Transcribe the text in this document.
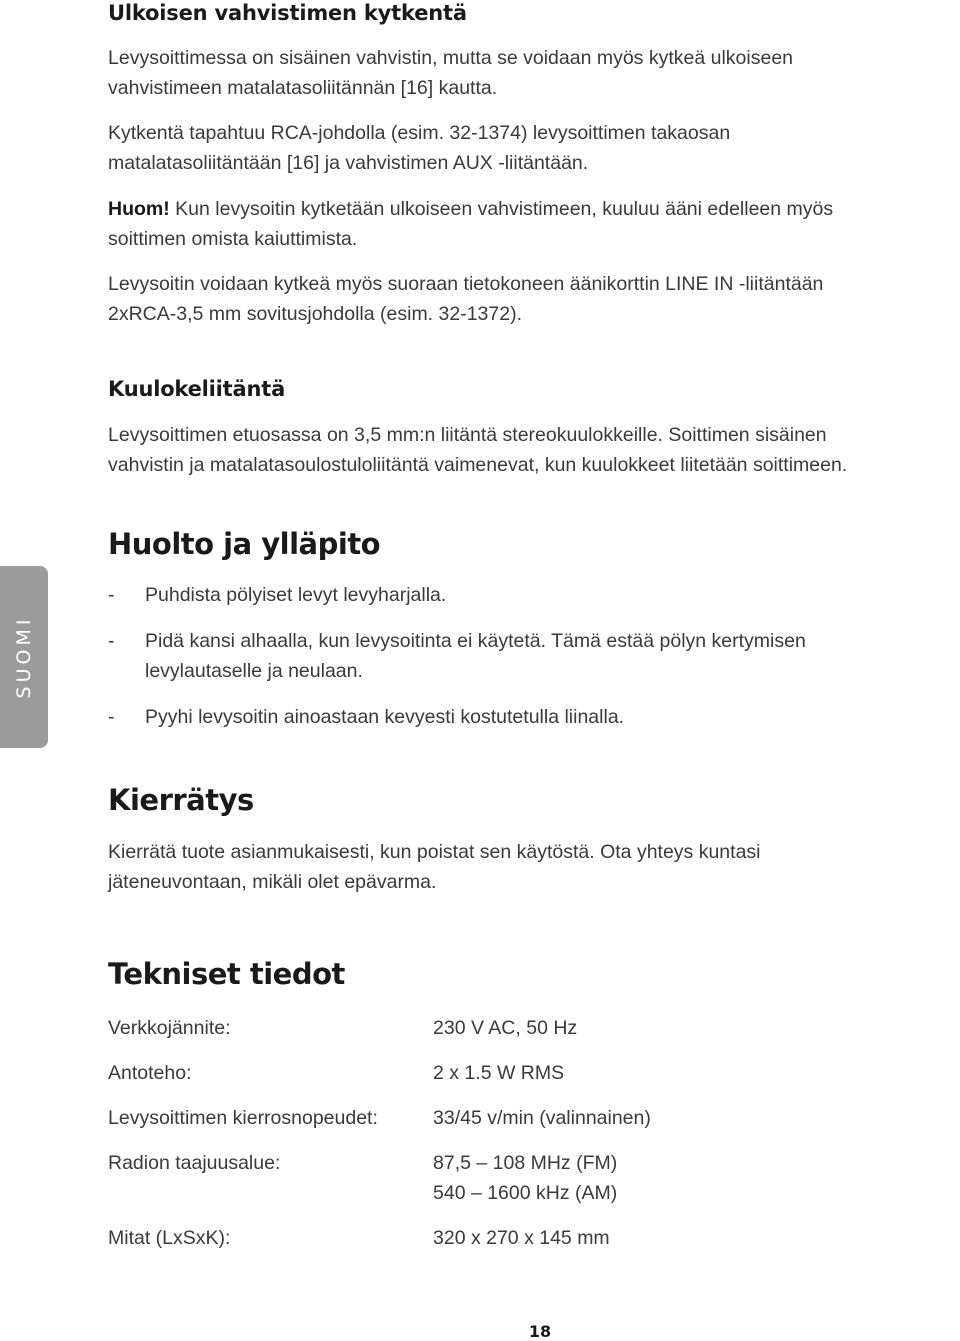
SUOMI
Ulkoisen vahvistimen kytkentä

Levysoittimessa on sisäinen vahvistin, mutta se voidaan myös kytkeä ulkoiseen

vahvistimeen matalatasoliitännän [16] kautta.

Kytkentä tapahtuu RCA-johdolla (esim. 32-1374) levysoittimen takaosan

matalatasoliitäntään [16] ja vahvistimen AUX -liitäntään.

Huom! Kun levysoitin kytketään ulkoiseen vahvistimeen, kuuluu ääni edelleen myös

soittimen omista kaiuttimista.

Levysoitin voidaan kytkeä myös suoraan tietokoneen äänikorttin LINE IN -liitäntään

2xRCA-3,5 mm sovitusjohdolla (esim. 32-1372).

Kuulokeliitäntä

Levysoittimen etuosassa on 3,5 mm:n liitäntä stereokuulokkeille. Soittimen sisäinen

vahvistin ja matalatasoulostuloliitäntä vaimenevat, kun kuulokkeet liitetään soittimeen.

Huolto ja ylläpito
- Puhdista pölyiset levyt levyharjalla.
- Pidä kansi alhaalla, kun levysoitinta ei käytetä. Tämä estää pölyn kertymisen
levylautaselle ja neulaan.
- Pyyhi levysoitin ainoastaan kevyesti kostutetulla liinalla.
Kierrätys

Kierrätä tuote asianmukaisesti, kun poistat sen käytöstä. Ota yhteys kuntasi

jäteneuvontaan, mikäli olet epävarma.

Tekniset tiedot
Verkkojännite:	230 V AC, 50 Hz
Antoteho:	2 x 1.5 W RMS
Levysoittimen kierrosnopeudet:	33/45 v/min (valinnainen)
Radion taajuusalue:	87,5 – 108 MHz (FM)
540 – 1600 kHz (AM)
Mitat (LxSxK):	320 x 270 x 145 mm
18
